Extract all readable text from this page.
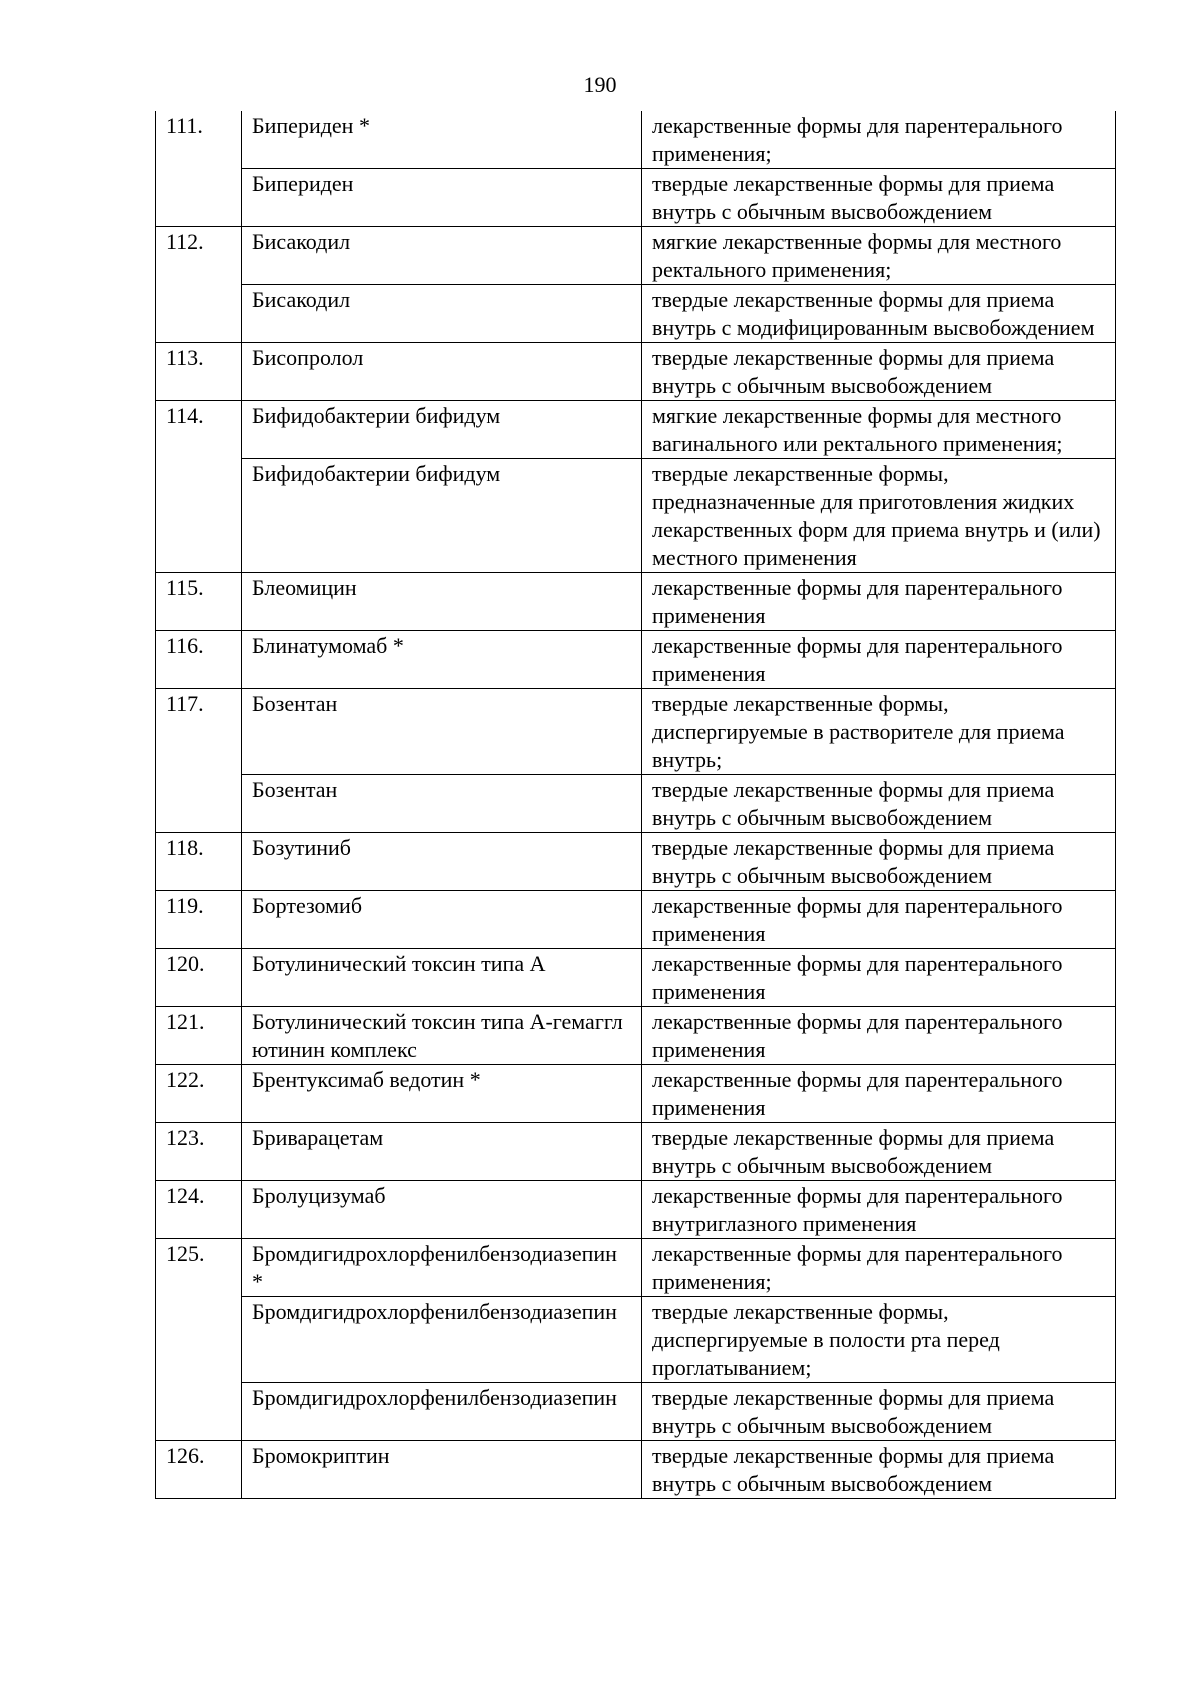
190
111.	Бипериден *	лекарственные формы для парентерального применения;
	Бипериден	твердые лекарственные формы для приема внутрь с обычным высвобождением
112.	Бисакодил	мягкие лекарственные формы для местного ректального применения;
	Бисакодил	твердые лекарственные формы для приема внутрь с модифицированным высвобождением
113.	Бисопролол	твердые лекарственные формы для приема внутрь с обычным высвобождением
114.	Бифидобактерии бифидум	мягкие лекарственные формы для местного вагинального или ректального применения;
	Бифидобактерии бифидум	твердые лекарственные формы, предназначенные для приготовления жидких лекарственных форм для приема внутрь и (или) местного применения
115.	Блеомицин	лекарственные формы для парентерального применения
116.	Блинатумомаб *	лекарственные формы для парентерального применения
117.	Бозентан	твердые лекарственные формы, диспергируемые в растворителе для приема внутрь;
	Бозентан	твердые лекарственные формы для приема внутрь с обычным высвобождением
118.	Бозутиниб	твердые лекарственные формы для приема внутрь с обычным высвобождением
119.	Бортезомиб	лекарственные формы для парентерального применения
120.	Ботулинический токсин типа А	лекарственные формы для парентерального применения
121.	Ботулинический токсин типа А-гемагглютинин комплекс	лекарственные формы для парентерального применения
122.	Брентуксимаб ведотин *	лекарственные формы для парентерального применения
123.	Бриварацетам	твердые лекарственные формы для приема внутрь с обычным высвобождением
124.	Бролуцизумаб	лекарственные формы для парентерального внутриглазного применения
125.	Бромдигидрохлорфенилбензодиазепин *	лекарственные формы для парентерального применения;
	Бромдигидрохлорфенилбензодиазепин	твердые лекарственные формы, диспергируемые в полости рта перед проглатыванием;
	Бромдигидрохлорфенилбензодиазепин	твердые лекарственные формы для приема внутрь с обычным высвобождением
126.	Бромокриптин	твердые лекарственные формы для приема внутрь с обычным высвобождением
